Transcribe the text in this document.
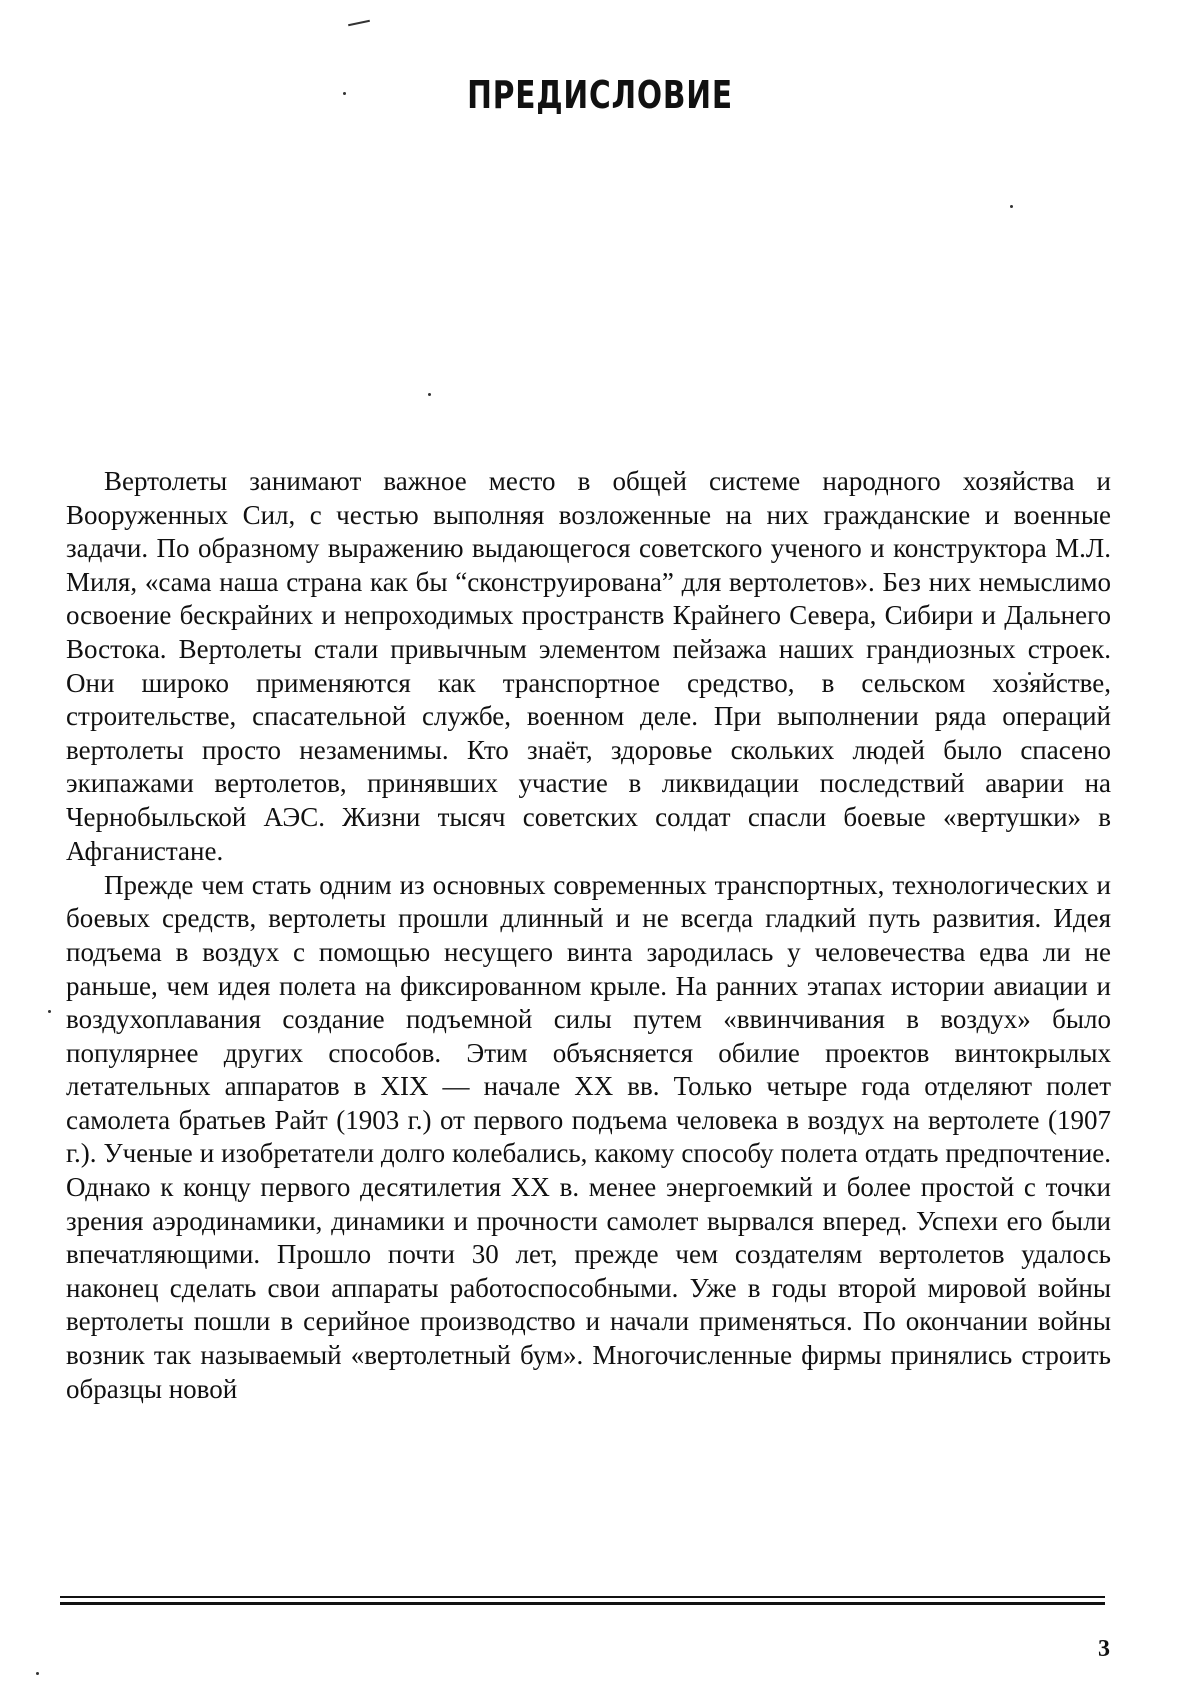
ПРЕДИСЛОВИЕ

Вертолеты занимают важное место в общей системе народного хозяйства и Вооруженных Сил, с честью выполняя возложенные на них гражданские и военные задачи. По образному выражению выдающегося советского ученого и конструктора М.Л. Миля, «сама наша страна как бы “сконструирована” для вертолетов». Без них немыслимо освоение бескрайних и непроходимых пространств Крайнего Севера, Сибири и Дальнего Востока. Вертолеты стали привычным элементом пейзажа наших грандиозных строек. Они широко применяются как транспортное средство, в сельском хозяйстве, строительстве, спасательной службе, военном деле. При выполнении ряда операций вертолеты просто незаменимы. Кто знаёт, здоровье скольких людей было спасено экипажами вертолетов, принявших участие в ликвидации последствий аварии на Чернобыльской АЭС. Жизни тысяч советских солдат спасли боевые «вертушки» в Афганистане.

Прежде чем стать одним из основных современных транспортных, технологических и боевых средств, вертолеты прошли длинный и не всегда гладкий путь развития. Идея подъема в воздух с помощью несущего винта зародилась у человечества едва ли не раньше, чем идея полета на фиксированном крыле. На ранних этапах истории авиации и воздухоплавания создание подъемной силы путем «ввинчивания в воздух» было популярнее других способов. Этим объясняется обилие проектов винтокрылых летательных аппаратов в XIX — начале XX вв. Только четыре года отделяют полет самолета братьев Райт (1903 г.) от первого подъема человека в воздух на вертолете (1907 г.). Ученые и изобретатели долго колебались, какому способу полета отдать предпочтение. Однако к концу первого десятилетия XX в. менее энергоемкий и более простой с точки зрения аэродинамики, динамики и прочности самолет вырвался вперед. Успехи его были впечатляющими. Прошло почти 30 лет, прежде чем создателям вертолетов удалось наконец сделать свои аппараты работоспособными. Уже в годы второй мировой войны вертолеты пошли в серийное производство и начали применяться. По окончании войны возник так называемый «вертолетный бум». Многочисленные фирмы принялись строить образцы новой

3
